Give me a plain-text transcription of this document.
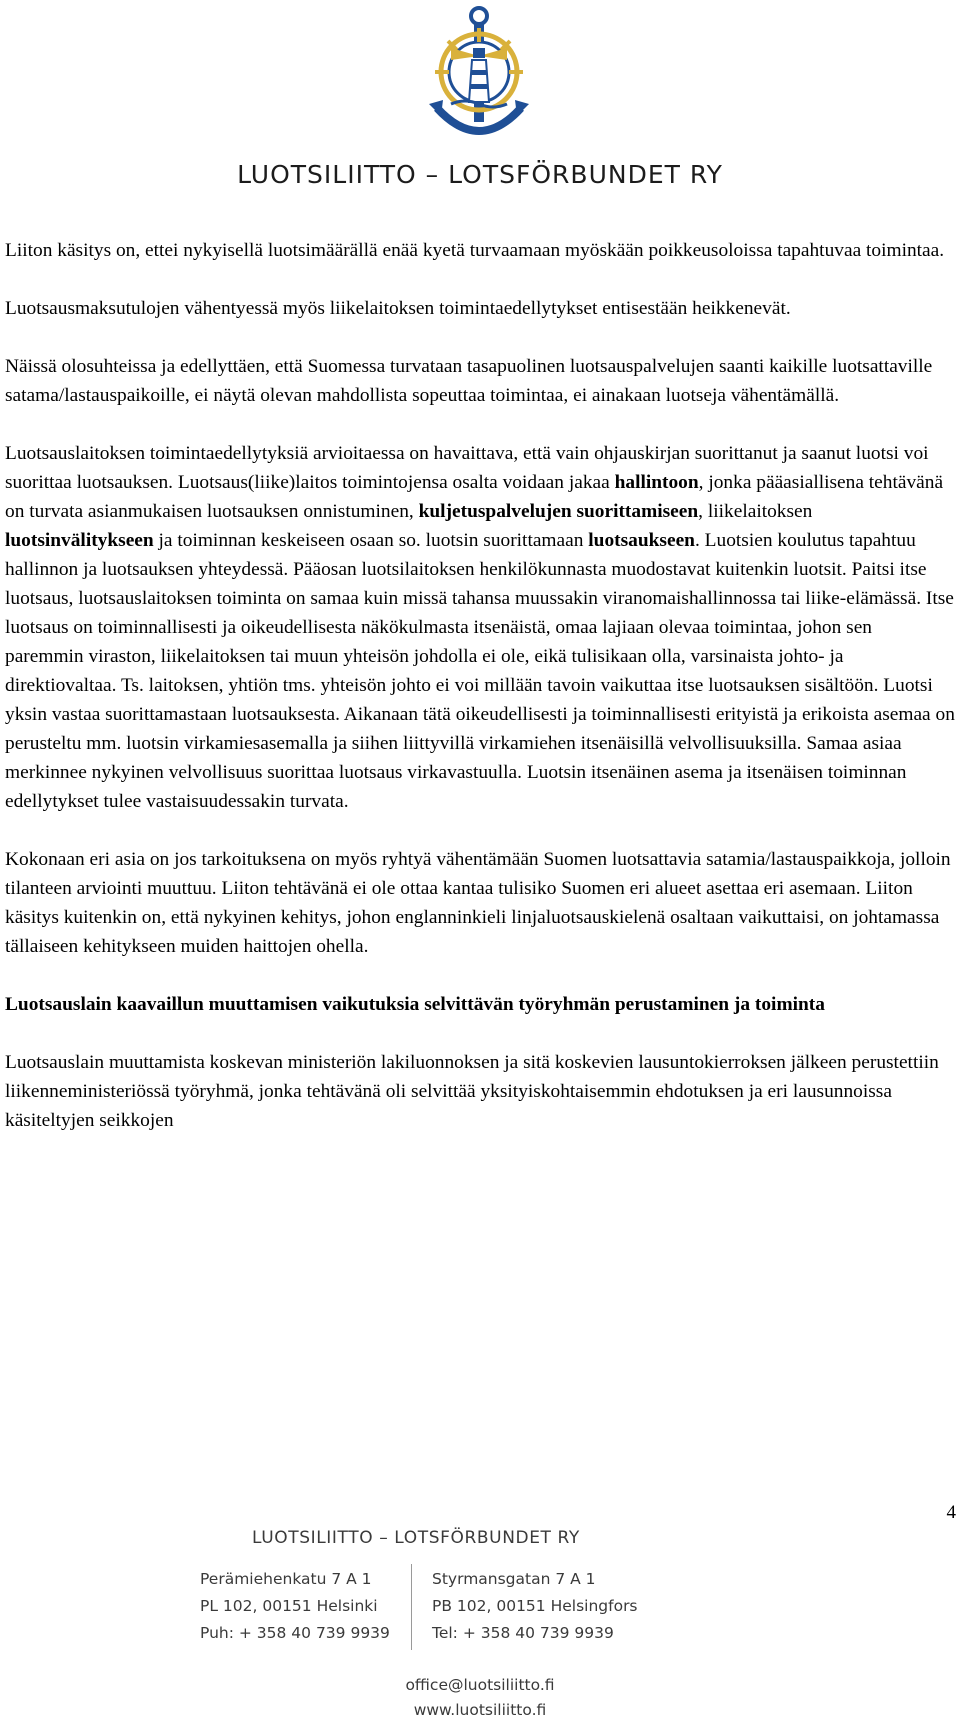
LUOTSILIITTO – LOTSFÖRBUNDET RY

Liiton käsitys on, ettei nykyisellä luotsimäärällä enää kyetä turvaamaan myöskään poikkeusoloissa tapahtuvaa toimintaa.

Luotsausmaksutulojen vähentyessä myös liikelaitoksen toimintaedellytykset entisestään heikkenevät.

Näissä olosuhteissa ja edellyttäen, että Suomessa turvataan tasapuolinen luotsauspalvelujen saanti kaikille luotsattaville satama/lastauspaikoille, ei näytä olevan mahdollista sopeuttaa toimintaa, ei ainakaan luotseja vähentämällä.

Luotsauslaitoksen toimintaedellytyksiä arvioitaessa on havaittava, että vain ohjauskirjan suorittanut ja saanut luotsi voi suorittaa luotsauksen. Luotsaus(liike)laitos toimintojensa osalta voidaan jakaa hallintoon, jonka pääasiallisena tehtävänä on turvata asianmukaisen luotsauksen onnistuminen, kuljetuspalvelujen suorittamiseen, liikelaitoksen luotsinvälitykseen ja toiminnan keskeiseen osaan so. luotsin suorittamaan luotsaukseen. Luotsien koulutus tapahtuu hallinnon ja luotsauksen yhteydessä. Pääosan luotsilaitoksen henkilökunnasta muodostavat kuitenkin luotsit. Paitsi itse luotsaus, luotsauslaitoksen toiminta on samaa kuin missä tahansa muussakin viranomaishallinnossa tai liike-elämässä. Itse luotsaus on toiminnallisesti ja oikeudellisesta näkökulmasta itsenäistä, omaa lajiaan olevaa toimintaa, johon sen paremmin viraston, liikelaitoksen tai muun yhteisön johdolla ei ole, eikä tulisikaan olla, varsinaista johto- ja direktiovaltaa. Ts. laitoksen, yhtiön tms. yhteisön johto ei voi millään tavoin vaikuttaa itse luotsauksen sisältöön. Luotsi yksin vastaa suorittamastaan luotsauksesta. Aikanaan tätä oikeudellisesti ja toiminnallisesti erityistä ja erikoista asemaa on perusteltu mm. luotsin virkamiesasemalla ja siihen liittyvillä virkamiehen itsenäisillä velvollisuuksilla. Samaa asiaa merkinnee nykyinen velvollisuus suorittaa luotsaus virkavastuulla. Luotsin itsenäinen asema ja itsenäisen toiminnan edellytykset tulee vastaisuudessakin turvata.

Kokonaan eri asia on jos tarkoituksena on myös ryhtyä vähentämään Suomen luotsattavia satamia/lastauspaikkoja, jolloin tilanteen arviointi muuttuu. Liiton tehtävänä ei ole ottaa kantaa tulisiko Suomen eri alueet asettaa eri asemaan. Liiton käsitys kuitenkin on, että nykyinen kehitys, johon englanninkieli linjaluotsauskielenä osaltaan vaikuttaisi, on johtamassa tällaiseen kehitykseen muiden haittojen ohella.

Luotsauslain kaavaillun muuttamisen vaikutuksia selvittävän työryhmän perustaminen ja toiminta

Luotsauslain muuttamista koskevan ministeriön lakiluonnoksen ja sitä koskevien lausuntokierroksen jälkeen perustettiin liikenneministeriössä työryhmä, jonka tehtävänä oli selvittää yksityiskohtaisemmin ehdotuksen ja eri lausunnoissa käsiteltyjen seikkojen

4
LUOTSILIITTO – LOTSFÖRBUNDET RY
Perämiehenkatu 7 A 1
PL 102, 00151 Helsinki
Puh: + 358 40 739 9939
Styrmansgatan 7 A 1
PB 102, 00151 Helsingfors
Tel: + 358 40 739 9939
office@luotsiliitto.fi
www.luotsiliitto.fi
